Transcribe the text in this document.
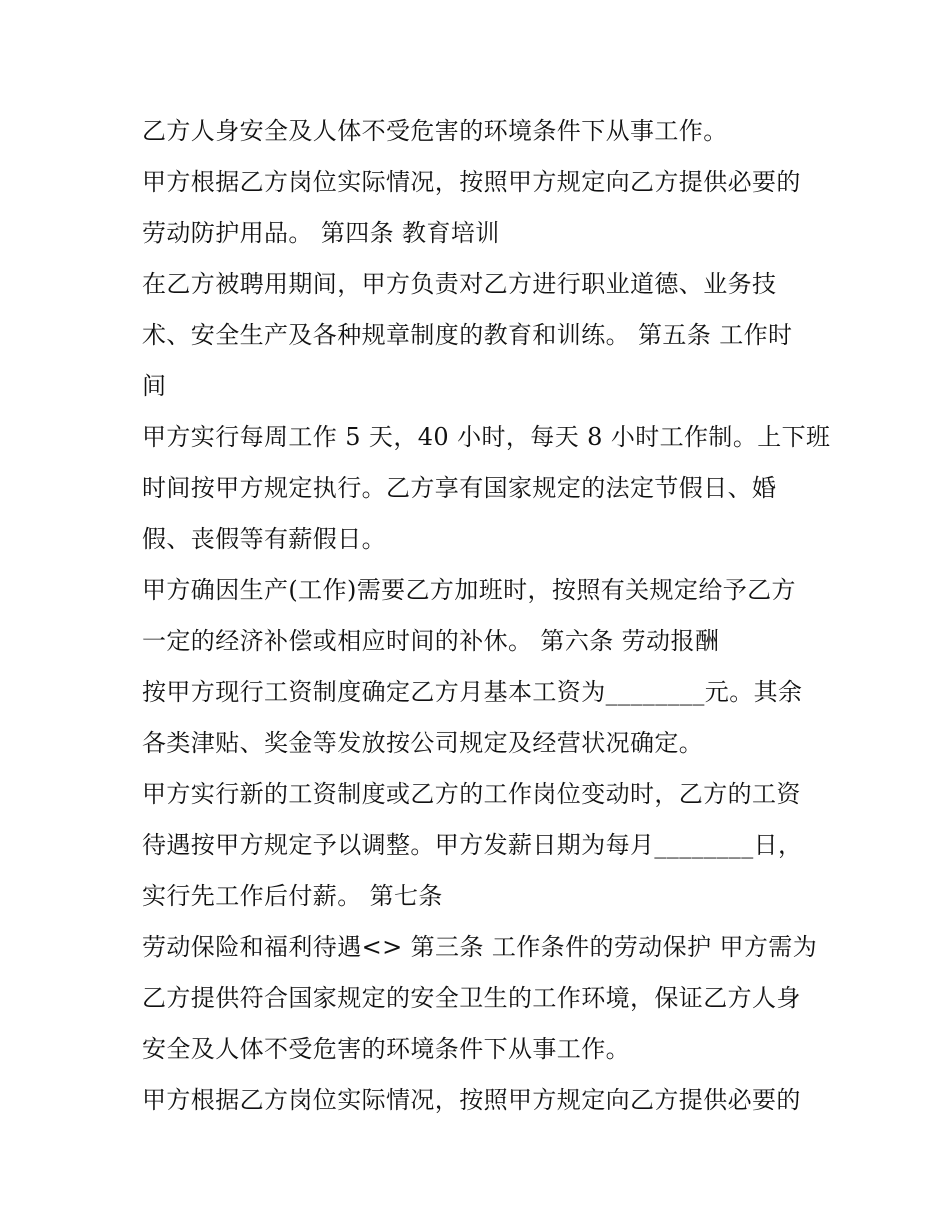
乙方人身安全及人体不受危害的环境条件下从事工作。
甲方根据乙方岗位实际情况，按照甲方规定向乙方提供必要的
劳动防护用品。 第四条 教育培训
在乙方被聘用期间，甲方负责对乙方进行职业道德、业务技
术、安全生产及各种规章制度的教育和训练。 第五条 工作时
间
甲方实行每周工作 5 天，40 小时，每天 8 小时工作制。上下班
时间按甲方规定执行。乙方享有国家规定的法定节假日、婚
假、丧假等有薪假日。
甲方确因生产(工作)需要乙方加班时，按照有关规定给予乙方
一定的经济补偿或相应时间的补休。 第六条 劳动报酬
按甲方现行工资制度确定乙方月基本工资为________元。其余
各类津贴、奖金等发放按公司规定及经营状况确定。
甲方实行新的工资制度或乙方的工作岗位变动时，乙方的工资
待遇按甲方规定予以调整。甲方发薪日期为每月________日，
实行先工作后付薪。 第七条
劳动保险和福利待遇<> 第三条 工作条件的劳动保护 甲方需为
乙方提供符合国家规定的安全卫生的工作环境，保证乙方人身
安全及人体不受危害的环境条件下从事工作。
甲方根据乙方岗位实际情况，按照甲方规定向乙方提供必要的
